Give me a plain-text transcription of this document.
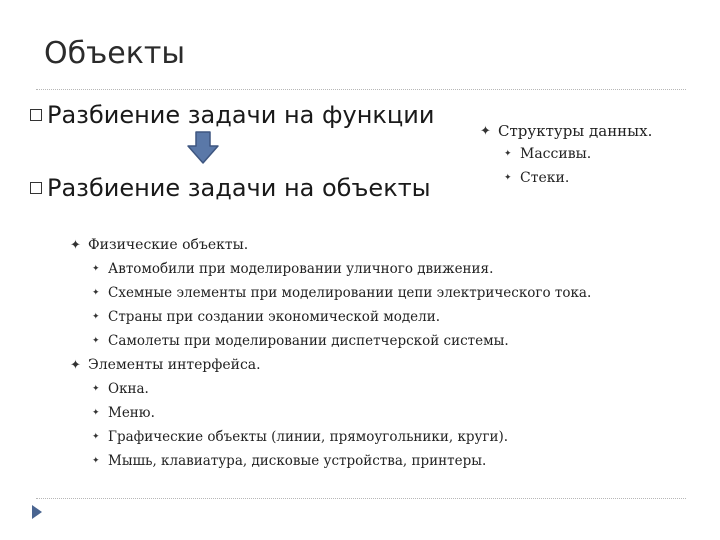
Объекты
Разбиение задачи на функции
Разбиение задачи на объекты
✦ Структуры данных.
✦ Массивы.
✦ Стеки.
✦ Физические объекты.
✦ Автомобили при моделировании уличного движения.
✦ Схемные элементы при моделировании цепи электрического тока.
✦ Страны при создании экономической модели.
✦ Самолеты при моделировании диспетчерской системы.
✦ Элементы интерфейса.
✦ Окна.
✦ Меню.
✦ Графические объекты (линии, прямоугольники, круги).
✦ Мышь, клавиатура, дисковые устройства, принтеры.
